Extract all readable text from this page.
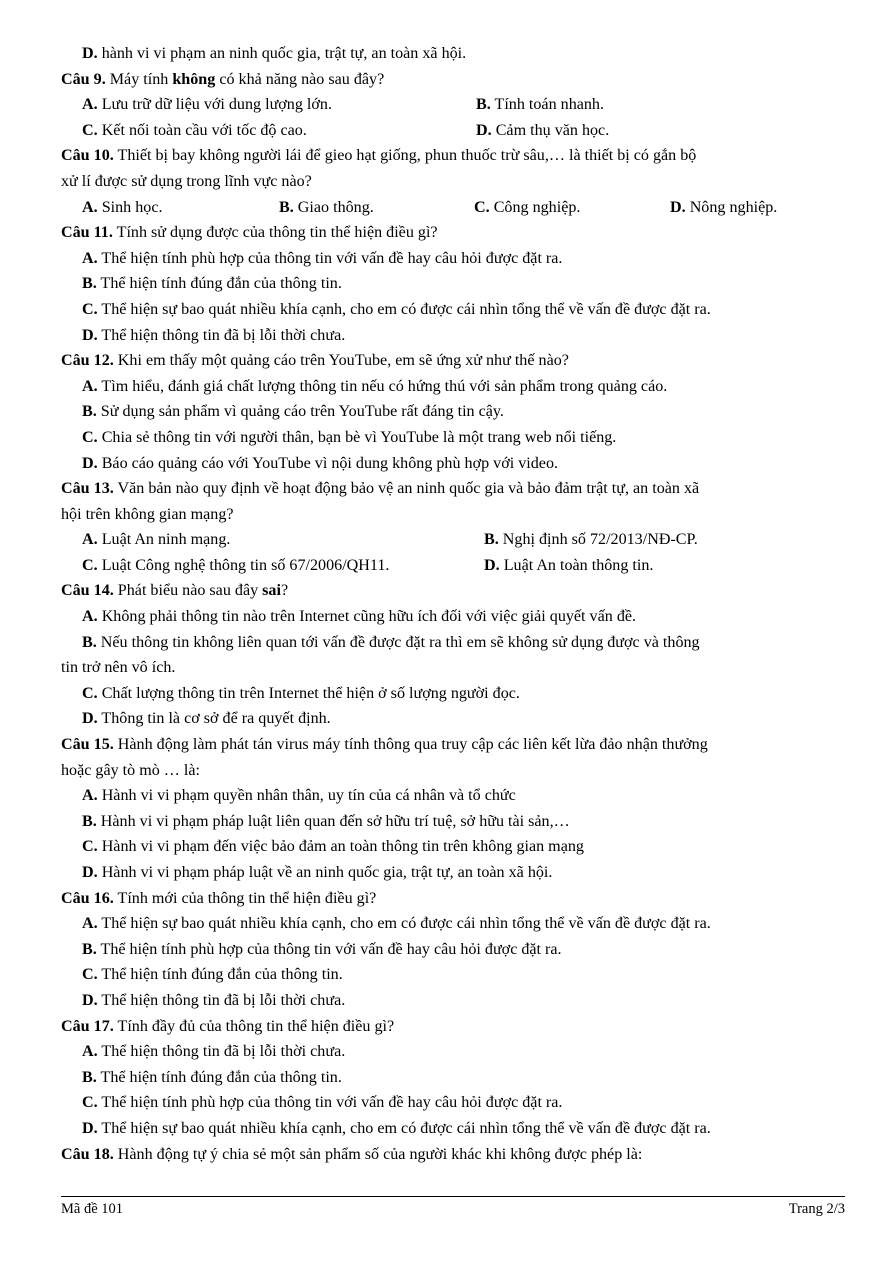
D. hành vi vi phạm an ninh quốc gia, trật tự, an toàn xã hội.
Câu 9. Máy tính không có khả năng nào sau đây?
A. Lưu trữ dữ liệu với dung lượng lớn.	B. Tính toán nhanh.
C. Kết nối toàn cầu với tốc độ cao.	D. Cảm thụ văn học.
Câu 10. Thiết bị bay không người lái để gieo hạt giống, phun thuốc trừ sâu,… là thiết bị có gắn bộ
xử lí được sử dụng trong lĩnh vực nào?
A. Sinh học.	B. Giao thông.	C. Công nghiệp.	D. Nông nghiệp.
Câu 11. Tính sử dụng được của thông tin thể hiện điều gì?
A. Thể hiện tính phù hợp của thông tin với vấn đề hay câu hỏi được đặt ra.
B. Thể hiện tính đúng đắn của thông tin.
C. Thể hiện sự bao quát nhiều khía cạnh, cho em có được cái nhìn tổng thể về vấn đề được đặt ra.
D. Thể hiện thông tin đã bị lỗi thời chưa.
Câu 12. Khi em thấy một quảng cáo trên YouTube, em sẽ ứng xử như thế nào?
A. Tìm hiểu, đánh giá chất lượng thông tin nếu có hứng thú với sản phẩm trong quảng cáo.
B. Sử dụng sản phẩm vì quảng cáo trên YouTube rất đáng tin cậy.
C. Chia sẻ thông tin với người thân, bạn bè vì YouTube là một trang web nổi tiếng.
D. Báo cáo quảng cáo với YouTube vì nội dung không phù hợp với video.
Câu 13. Văn bản nào quy định về hoạt động bảo vệ an ninh quốc gia và bảo đảm trật tự, an toàn xã
hội trên không gian mạng?
A. Luật An ninh mạng.	B. Nghị định số 72/2013/NĐ-CP.
C. Luật Công nghệ thông tin số 67/2006/QH11.	D. Luật An toàn thông tin.
Câu 14. Phát biểu nào sau đây sai?
A. Không phải thông tin nào trên Internet cũng hữu ích đối với việc giải quyết vấn đề.
B. Nếu thông tin không liên quan tới vấn đề được đặt ra thì em sẽ không sử dụng được và thông
tin trở nên vô ích.
C. Chất lượng thông tin trên Internet thể hiện ở số lượng người đọc.
D. Thông tin là cơ sở để ra quyết định.
Câu 15. Hành động làm phát tán virus máy tính thông qua truy cập các liên kết lừa đảo nhận thưởng
hoặc gây tò mò … là:
A. Hành vi vi phạm quyền nhân thân, uy tín của cá nhân và tổ chức
B. Hành vi vi phạm pháp luật liên quan đến sở hữu trí tuệ, sở hữu tài sản,…
C. Hành vi vi phạm đến việc bảo đảm an toàn thông tin trên không gian mạng
D. Hành vi vi phạm pháp luật về an ninh quốc gia, trật tự, an toàn xã hội.
Câu 16. Tính mới của thông tin thể hiện điều gì?
A. Thể hiện sự bao quát nhiều khía cạnh, cho em có được cái nhìn tổng thể về vấn đề được đặt ra.
B. Thể hiện tính phù hợp của thông tin với vấn đề hay câu hỏi được đặt ra.
C. Thể hiện tính đúng đắn của thông tin.
D. Thể hiện thông tin đã bị lỗi thời chưa.
Câu 17. Tính đầy đủ của thông tin thể hiện điều gì?
A. Thể hiện thông tin đã bị lỗi thời chưa.
B. Thể hiện tính đúng đắn của thông tin.
C. Thể hiện tính phù hợp của thông tin với vấn đề hay câu hỏi được đặt ra.
D. Thể hiện sự bao quát nhiều khía cạnh, cho em có được cái nhìn tổng thể về vấn đề được đặt ra.
Câu 18. Hành động tự ý chia sẻ một sản phẩm số của người khác khi không được phép là:
Mã đề 101	Trang 2/3
